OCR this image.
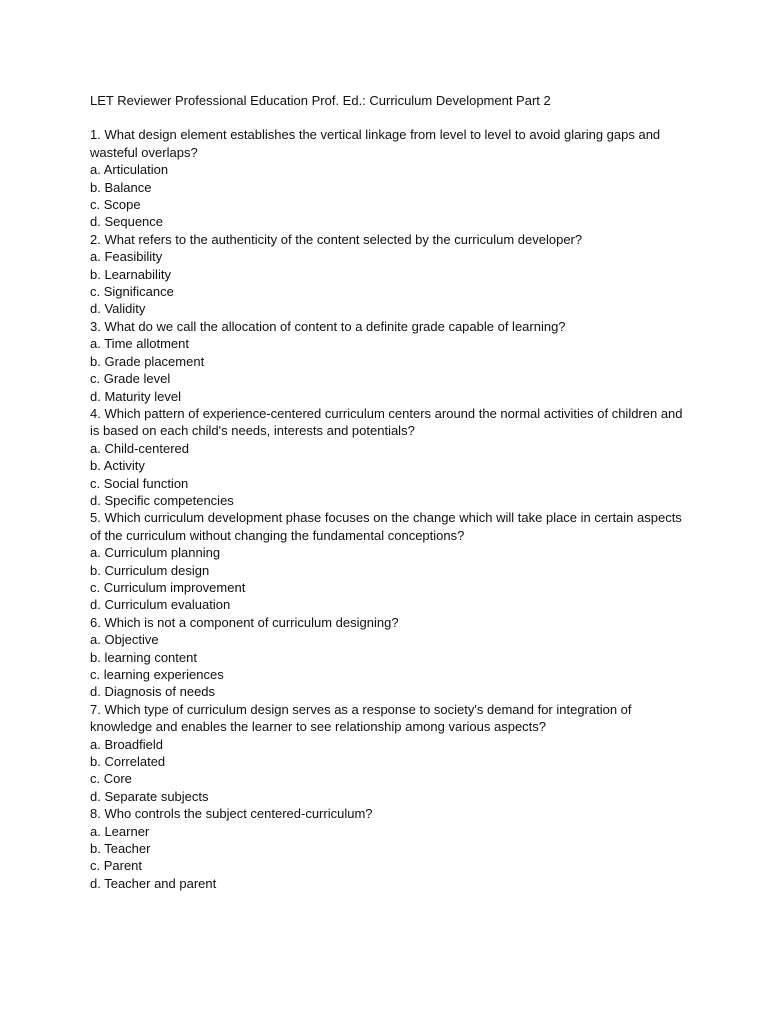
LET Reviewer Professional Education Prof. Ed.: Curriculum Development Part 2

1. What design element establishes the vertical linkage from level to level to avoid glaring gaps and wasteful overlaps?
a. Articulation
b. Balance
c. Scope
d. Sequence
2. What refers to the authenticity of the content selected by the curriculum developer?
a. Feasibility
b. Learnability
c. Significance
d. Validity
3. What do we call the allocation of content to a definite grade capable of learning?
a. Time allotment
b. Grade placement
c. Grade level
d. Maturity level
4. Which pattern of experience-centered curriculum centers around the normal activities of children and is based on each child's needs, interests and potentials?
a. Child-centered
b. Activity
c. Social function
d. Specific competencies
5. Which curriculum development phase focuses on the change which will take place in certain aspects of the curriculum without changing the fundamental conceptions?
a. Curriculum planning
b. Curriculum design
c. Curriculum improvement
d. Curriculum evaluation
6. Which is not a component of curriculum designing?
a. Objective
b. learning content
c. learning experiences
d. Diagnosis of needs
7. Which type of curriculum design serves as a response to society's demand for integration of knowledge and enables the learner to see relationship among various aspects?
a. Broadfield
b. Correlated
c. Core
d. Separate subjects
8. Who controls the subject centered-curriculum?
a. Learner
b. Teacher
c. Parent
d. Teacher and parent
